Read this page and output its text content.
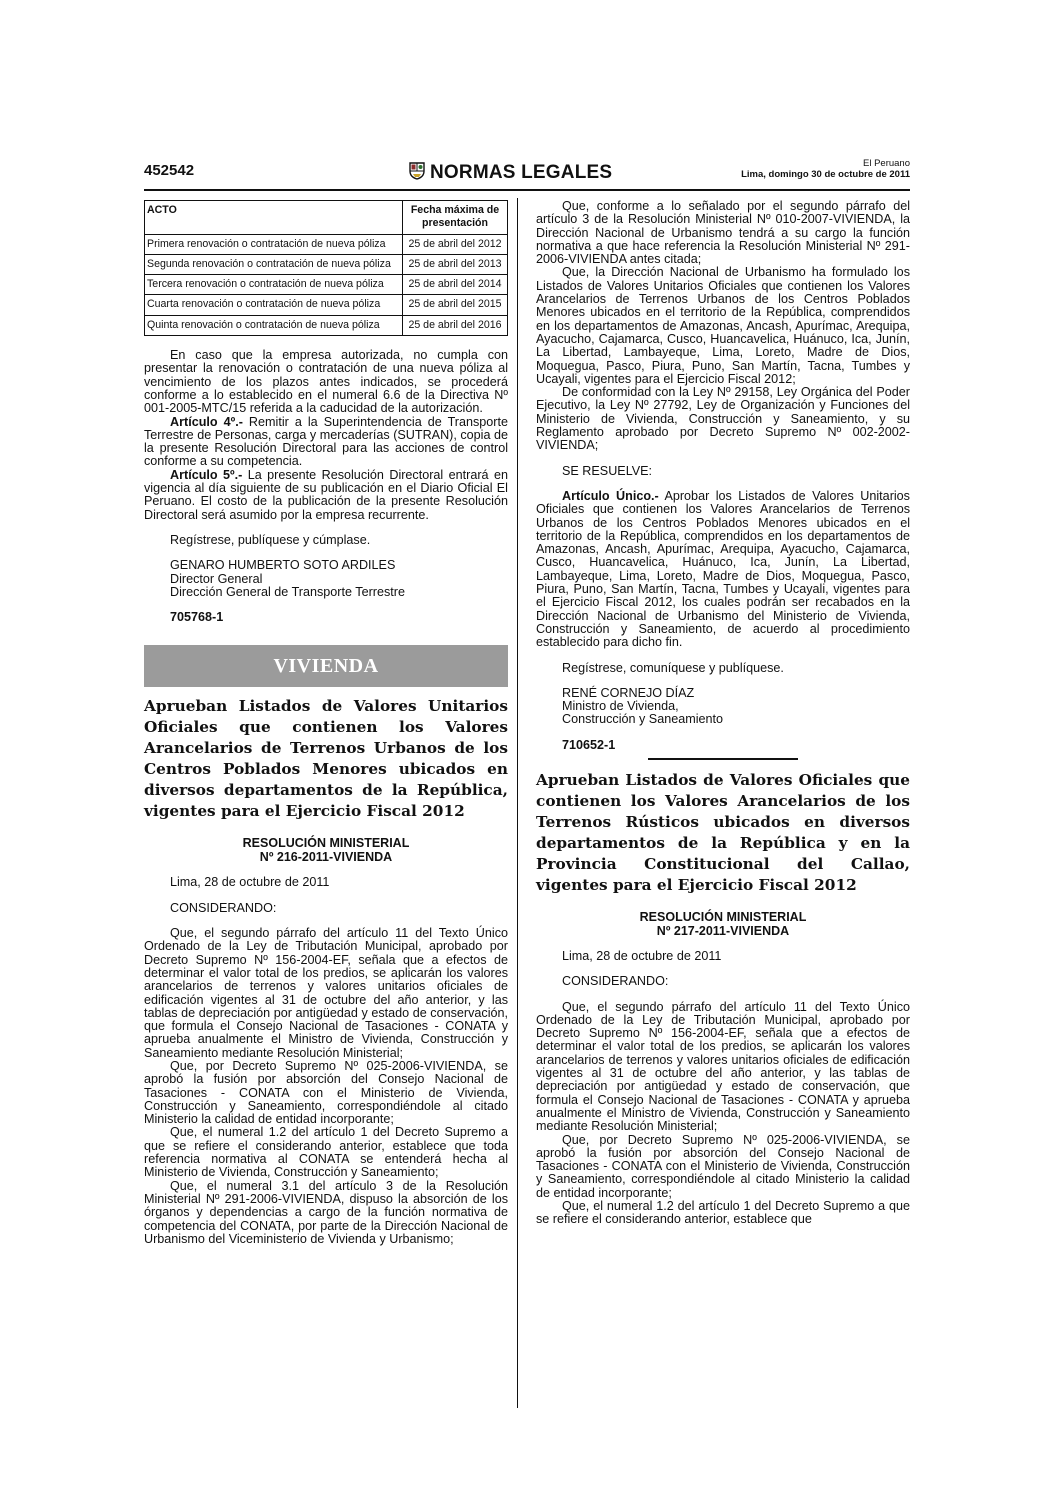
452542	NORMAS LEGALES	El Peruano
Lima, domingo 30 de octubre de 2011
ACTO	Fecha máxima de presentación
Primera renovación o contratación de nueva póliza	25 de abril del 2012
Segunda renovación o contratación de nueva póliza	25 de abril del 2013
Tercera renovación o contratación de nueva póliza	25 de abril del 2014
Cuarta renovación o contratación de nueva póliza	25 de abril del 2015
Quinta renovación o contratación de nueva póliza	25 de abril del 2016

En caso que la empresa autorizada, no cumpla con presentar la renovación o contratación de una nueva póliza al vencimiento de los plazos antes indicados, se procederá conforme a lo establecido en el numeral 6.6 de la Directiva Nº 001-2005-MTC/15 referida a la caducidad de la autorización.

Artículo 4º.- Remitir a la Superintendencia de Transporte Terrestre de Personas, carga y mercaderías (SUTRAN), copia de la presente Resolución Directoral para las acciones de control conforme a su competencia.

Artículo 5º.- La presente Resolución Directoral entrará en vigencia al día siguiente de su publicación en el Diario Oficial El Peruano. El costo de la publicación de la presente Resolución Directoral será asumido por la empresa recurrente.

Regístrese, publíquese y cúmplase.

GENARO HUMBERTO SOTO ARDILES
Director General
Dirección General de Transporte Terrestre
705768-1
VIVIENDA
Aprueban Listados de Valores Unitarios Oficiales que contienen los Valores Arancelarios de Terrenos Urbanos de los Centros Poblados Menores ubicados en diversos departamentos de la República, vigentes para el Ejercicio Fiscal 2012
RESOLUCIÓN MINISTERIAL
Nº 216-2011-VIVIENDA

Lima, 28 de octubre de 2011

CONSIDERANDO:

Que, el segundo párrafo del artículo 11 del Texto Único Ordenado de la Ley de Tributación Municipal, aprobado por Decreto Supremo Nº 156-2004-EF, señala que a efectos de determinar el valor total de los predios, se aplicarán los valores arancelarios de terrenos y valores unitarios oficiales de edificación vigentes al 31 de octubre del año anterior, y las tablas de depreciación por antigüedad y estado de conservación, que formula el Consejo Nacional de Tasaciones - CONATA y aprueba anualmente el Ministro de Vivienda, Construcción y Saneamiento mediante Resolución Ministerial;

Que, por Decreto Supremo Nº 025-2006-VIVIENDA, se aprobó la fusión por absorción del Consejo Nacional de Tasaciones - CONATA con el Ministerio de Vivienda, Construcción y Saneamiento, correspondiéndole al citado Ministerio la calidad de entidad incorporante;

Que, el numeral 1.2 del artículo 1 del Decreto Supremo a que se refiere el considerando anterior, establece que toda referencia normativa al CONATA se entenderá hecha al Ministerio de Vivienda, Construcción y Saneamiento;

Que, el numeral 3.1 del artículo 3 de la Resolución Ministerial Nº 291-2006-VIVIENDA, dispuso la absorción de los órganos y dependencias a cargo de la función normativa de competencia del CONATA, por parte de la Dirección Nacional de Urbanismo del Viceministerio de Vivienda y Urbanismo;

Que, conforme a lo señalado por el segundo párrafo del artículo 3 de la Resolución Ministerial Nº 010-2007-VIVIENDA, la Dirección Nacional de Urbanismo tendrá a su cargo la función normativa a que hace referencia la Resolución Ministerial Nº 291-2006-VIVIENDA antes citada;

Que, la Dirección Nacional de Urbanismo ha formulado los Listados de Valores Unitarios Oficiales que contienen los Valores Arancelarios de Terrenos Urbanos de los Centros Poblados Menores ubicados en el territorio de la República, comprendidos en los departamentos de Amazonas, Ancash, Apurímac, Arequipa, Ayacucho, Cajamarca, Cusco, Huancavelica, Huánuco, Ica, Junín, La Libertad, Lambayeque, Lima, Loreto, Madre de Dios, Moquegua, Pasco, Piura, Puno, San Martín, Tacna, Tumbes y Ucayali, vigentes para el Ejercicio Fiscal 2012;

De conformidad con la Ley Nº 29158, Ley Orgánica del Poder Ejecutivo, la Ley Nº 27792, Ley de Organización y Funciones del Ministerio de Vivienda, Construcción y Saneamiento, y su Reglamento aprobado por Decreto Supremo Nº 002-2002-VIVIENDA;

SE RESUELVE:

Artículo Único.- Aprobar los Listados de Valores Unitarios Oficiales que contienen los Valores Arancelarios de Terrenos Urbanos de los Centros Poblados Menores ubicados en el territorio de la República, comprendidos en los departamentos de Amazonas, Ancash, Apurímac, Arequipa, Ayacucho, Cajamarca, Cusco, Huancavelica, Huánuco, Ica, Junín, La Libertad, Lambayeque, Lima, Loreto, Madre de Dios, Moquegua, Pasco, Piura, Puno, San Martín, Tacna, Tumbes y Ucayali, vigentes para el Ejercicio Fiscal 2012, los cuales podrán ser recabados en la Dirección Nacional de Urbanismo del Ministerio de Vivienda, Construcción y Saneamiento, de acuerdo al procedimiento establecido para dicho fin.

Regístrese, comuníquese y publíquese.

RENÉ CORNEJO DÍAZ
Ministro de Vivienda,
Construcción y Saneamiento
710652-1
Aprueban Listados de Valores Oficiales que contienen los Valores Arancelarios de los Terrenos Rústicos ubicados en diversos departamentos de la República y en la Provincia Constitucional del Callao, vigentes para el Ejercicio Fiscal 2012
RESOLUCIÓN MINISTERIAL
Nº 217-2011-VIVIENDA

Lima, 28 de octubre de 2011

CONSIDERANDO:

Que, el segundo párrafo del artículo 11 del Texto Único Ordenado de la Ley de Tributación Municipal, aprobado por Decreto Supremo Nº 156-2004-EF, señala que a efectos de determinar el valor total de los predios, se aplicarán los valores arancelarios de terrenos y valores unitarios oficiales de edificación vigentes al 31 de octubre del año anterior, y las tablas de depreciación por antigüedad y estado de conservación, que formula el Consejo Nacional de Tasaciones - CONATA y aprueba anualmente el Ministro de Vivienda, Construcción y Saneamiento mediante Resolución Ministerial;

Que, por Decreto Supremo Nº 025-2006-VIVIENDA, se aprobó la fusión por absorción del Consejo Nacional de Tasaciones - CONATA con el Ministerio de Vivienda, Construcción y Saneamiento, correspondiéndole al citado Ministerio la calidad de entidad incorporante;

Que, el numeral 1.2 del artículo 1 del Decreto Supremo a que se refiere el considerando anterior, establece que
